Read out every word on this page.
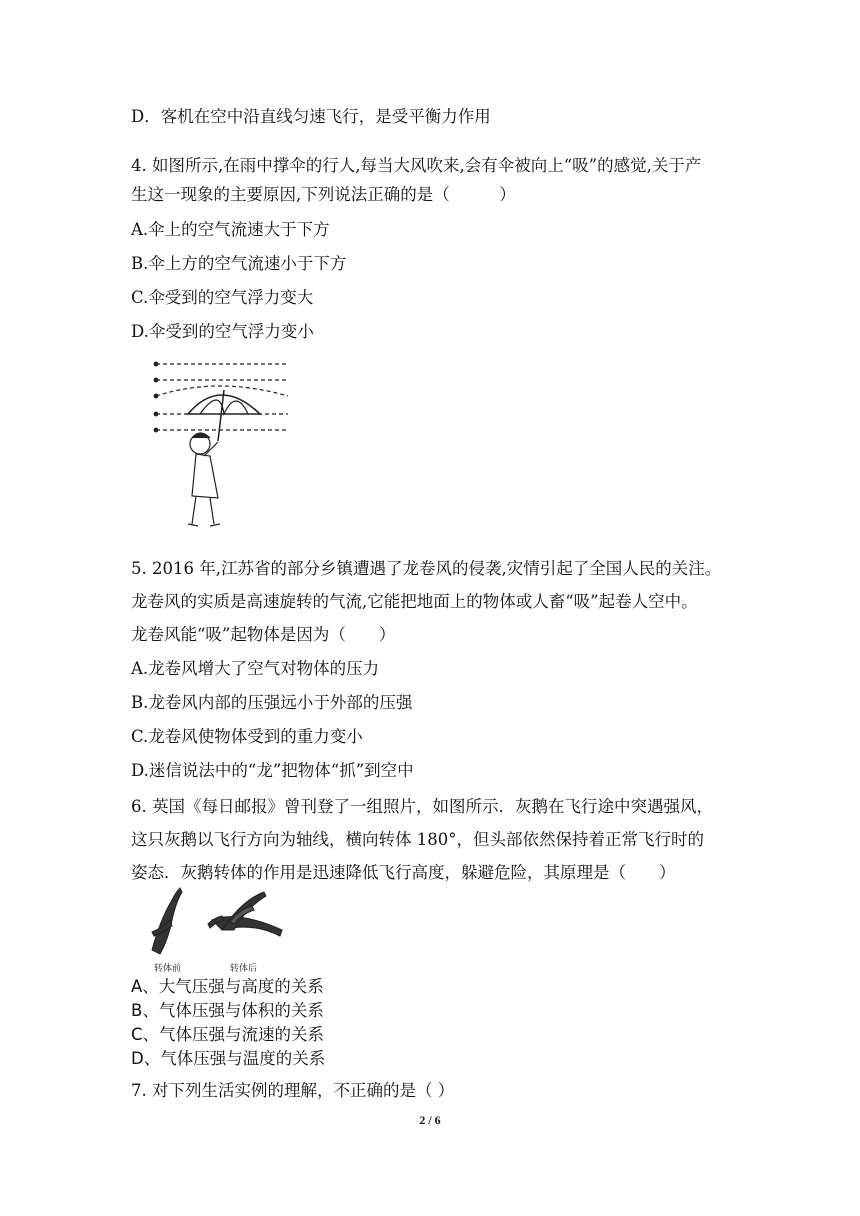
D．客机在空中沿直线匀速飞行，是受平衡力作用
4. 如图所示,在雨中撑伞的行人,每当大风吹来,会有伞被向上“吸”的感觉,关于产
生这一现象的主要原因,下列说法正确的是（　　　）
A.伞上的空气流速大于下方
B.伞上方的空气流速小于下方
C.伞受到的空气浮力变大
D.伞受到的空气浮力变小
5. 2016 年,江苏省的部分乡镇遭遇了龙卷风的侵袭,灾情引起了全国人民的关注。
龙卷风的实质是高速旋转的气流,它能把地面上的物体或人畜“吸”起卷人空中。
龙卷风能“吸”起物体是因为（　　）
A.龙卷风增大了空气对物体的压力
B.龙卷风内部的压强远小于外部的压强
C.龙卷风使物体受到的重力变小
D.迷信说法中的“龙”把物体“抓”到空中
6. 英国《每日邮报》曾刊登了一组照片，如图所示．灰鹅在飞行途中突遇强风，
这只灰鹅以飞行方向为轴线，横向转体 180°，但头部依然保持着正常飞行时的
姿态．灰鹅转体的作用是迅速降低飞行高度，躲避危险，其原理是（　　）
转体前	转体后
A、大气压强与高度的关系
B、气体压强与体积的关系
C、气体压强与流速的关系
D、气体压强与温度的关系
7. 对下列生活实例的理解，不正确的是（ ）
2 / 6
